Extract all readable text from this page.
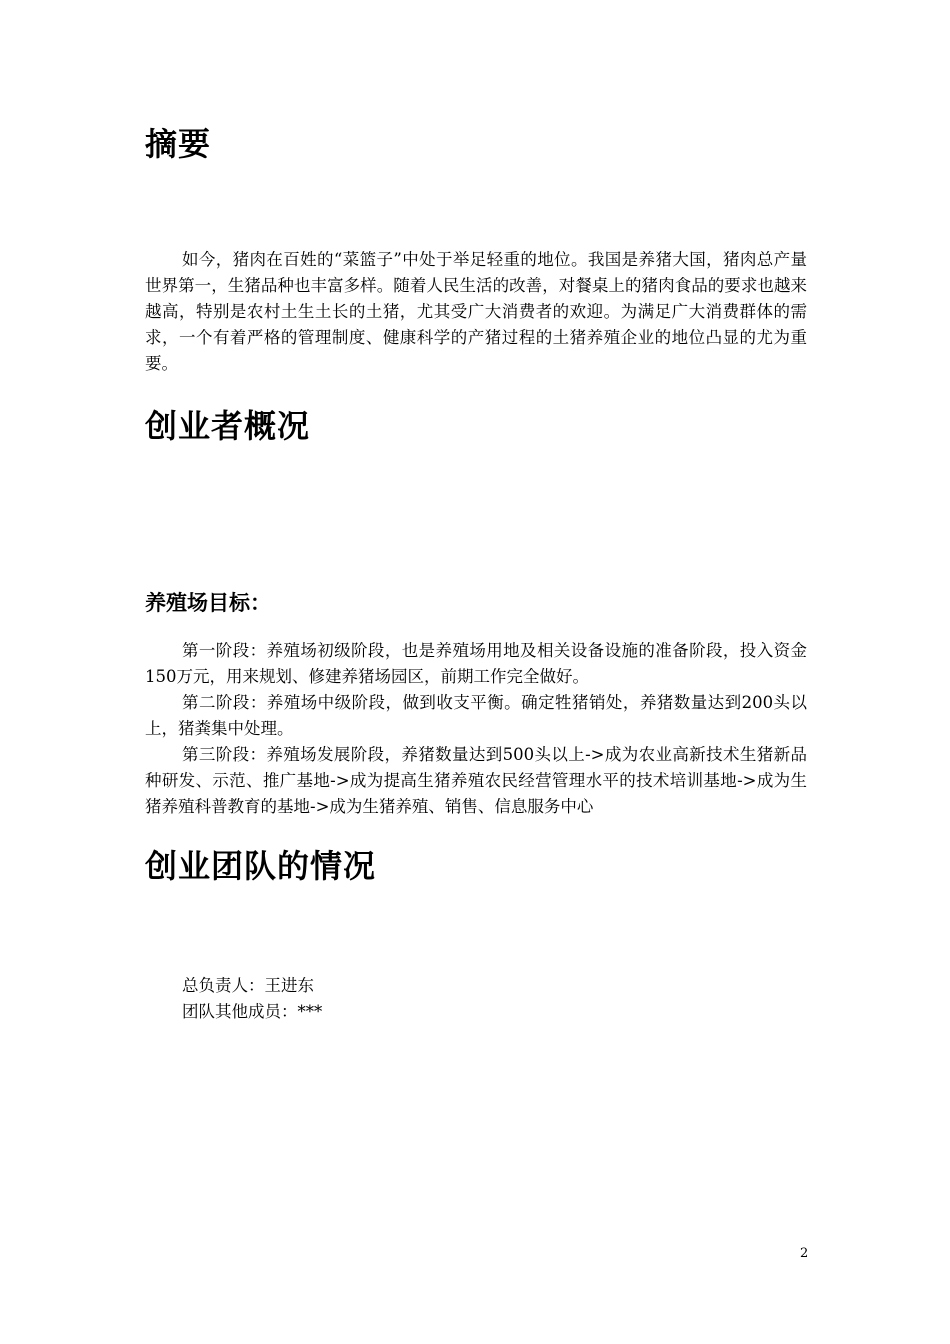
摘要

如今，猪肉在百姓的“菜篮子”中处于举足轻重的地位。我国是养猪大国，猪肉总产量世界第一，生猪品种也丰富多样。随着人民生活的改善，对餐桌上的猪肉食品的要求也越来越高，特别是农村土生土长的土猪，尤其受广大消费者的欢迎。为满足广大消费群体的需求，一个有着严格的管理制度、健康科学的产猪过程的土猪养殖企业的地位凸显的尤为重要。

创业者概况
养殖场目标：

第一阶段：养殖场初级阶段，也是养殖场用地及相关设备设施的准备阶段，投入资金150万元，用来规划、修建养猪场园区，前期工作完全做好。

第二阶段：养殖场中级阶段，做到收支平衡。确定牲猪销处，养猪数量达到200头以上，猪粪集中处理。

第三阶段：养殖场发展阶段，养猪数量达到500头以上->成为农业高新技术生猪新品种研发、示范、推广基地->成为提高生猪养殖农民经营管理水平的技术培训基地->成为生猪养殖科普教育的基地->成为生猪养殖、销售、信息服务中心

创业团队的情况
总负责人：王进东
团队其他成员：***
2
